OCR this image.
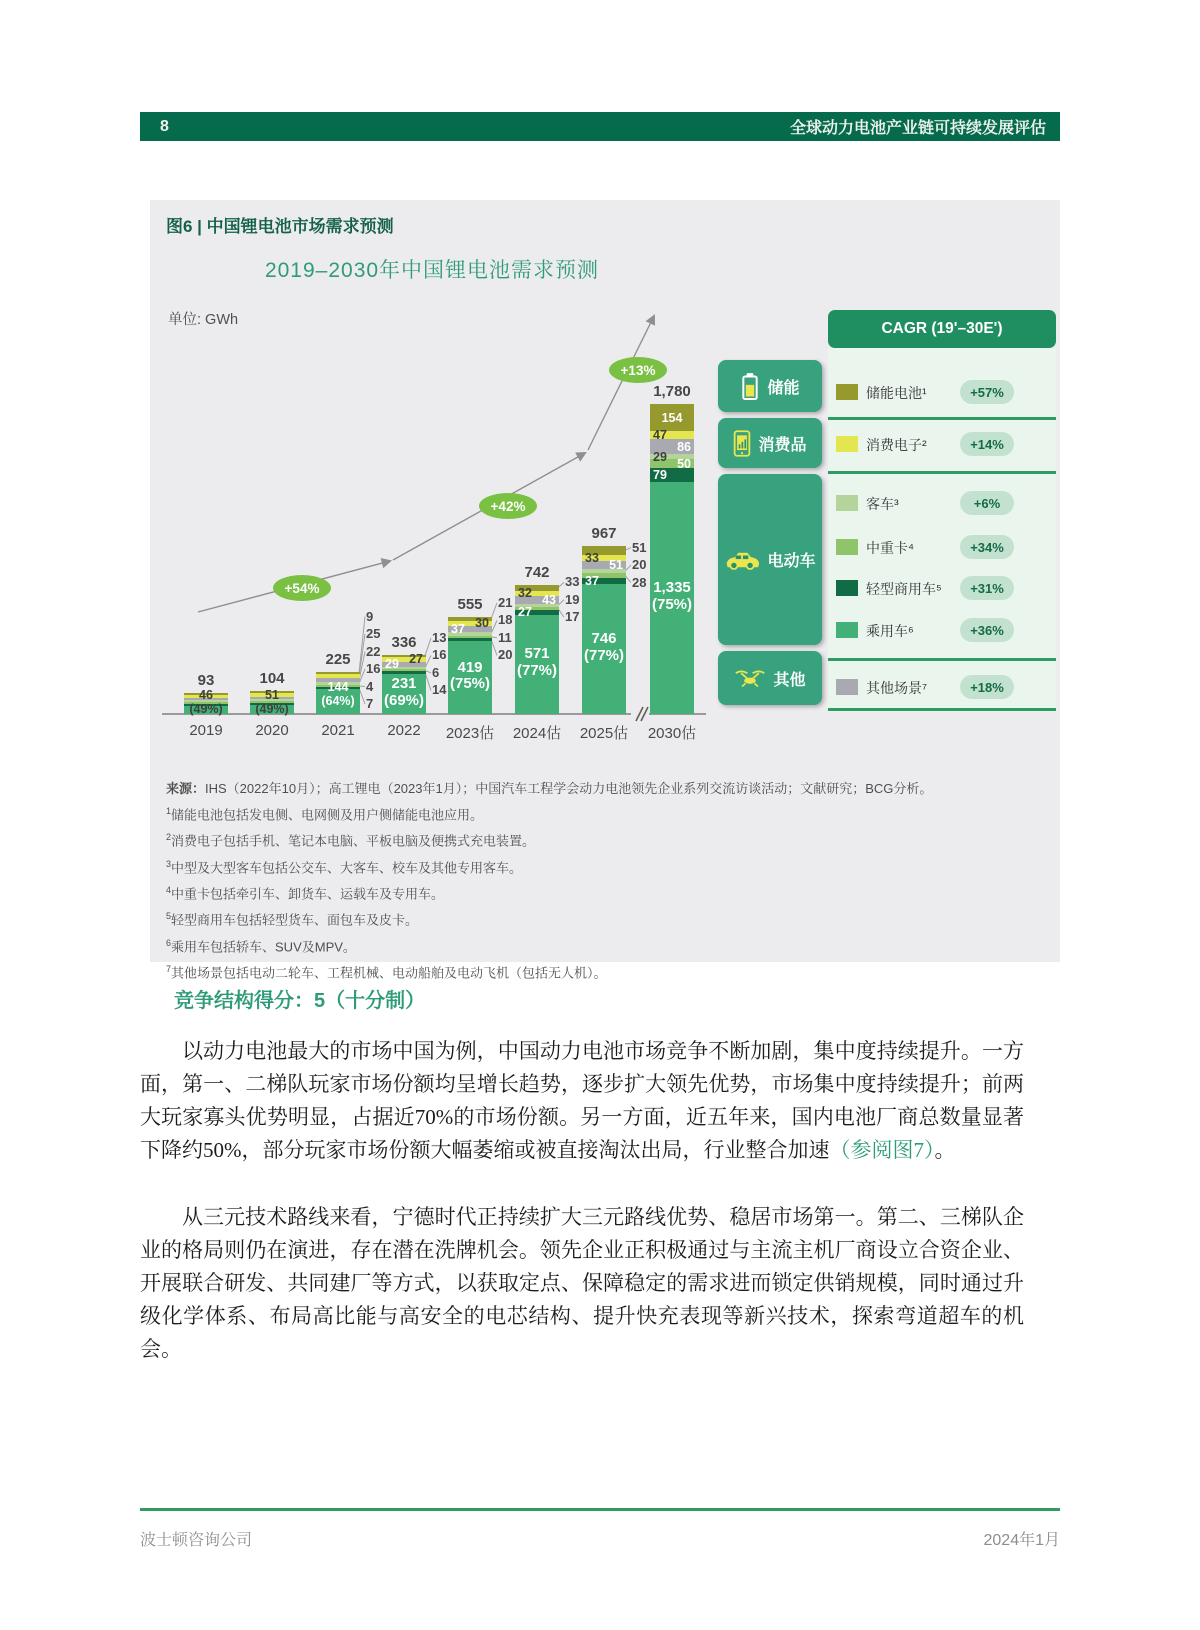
8	全球动力电池产业链可持续发展评估
图6 | 中国锂电池市场需求预测
2019–2030年中国锂电池需求预测
单位: GWh
93
2019
46
(49%)
104
2020
51
(49%)
225
2021
144
(64%)
9
25
22
16
4
7
336
2022
231
(69%)
29 27
13
16
6
14
555
2023估
419
(75%)
37 30
21
18
11
20
742
2024估
571
(77%)
32 43
27
33
19
17
967
2025估
746
(77%)
33
51
37
51
20
28
1,780
2030估
1,335
(75%)
154
47
86
29 50
79
+54%
+42%
+13%
CAGR (19'–30E')
储能电池¹	+57%
消费电子²	+14%
客车³	+6%
中重卡⁴	+34%
轻型商用车⁵	+31%
乘用车⁶	+36%
其他场景⁷	+18%
储能
消费品
电动车
其他
来源：IHS（2022年10月）；高工锂电（2023年1月）；中国汽车工程学会动力电池领先企业系列交流访谈活动；文献研究；BCG分析。
$^1$储能电池包括发电侧、电网侧及用户侧储能电池应用。
$^2$消费电子包括手机、笔记本电脑、平板电脑及便携式充电装置。
$^3$中型及大型客车包括公交车、大客车、校车及其他专用客车。
$^4$中重卡包括牵引车、卸货车、运载车及专用车。
$^5$轻型商用车包括轻型货车、面包车及皮卡。
$^6$乘用车包括轿车、SUV及MPV。
$^7$其他场景包括电动二轮车、工程机械、电动船舶及电动飞机（包括无人机）。
竞争结构得分：5（十分制）

以动力电池最大的市场中国为例，中国动力电池市场竞争不断加剧，集中度持续提升。一方面，第一、二梯队玩家市场份额均呈增长趋势，逐步扩大领先优势，市场集中度持续提升；前两大玩家寡头优势明显，占据近70%的市场份额。另一方面，近五年来，国内电池厂商总数量显著下降约50%，部分玩家市场份额大幅萎缩或被直接淘汰出局，行业整合加速（参阅图7）。

从三元技术路线来看，宁德时代正持续扩大三元路线优势、稳居市场第一。第二、三梯队企业的格局则仍在演进，存在潜在洗牌机会。领先企业正积极通过与主流主机厂商设立合资企业、开展联合研发、共同建厂等方式，以获取定点、保障稳定的需求进而锁定供销规模，同时通过升级化学体系、布局高比能与高安全的电芯结构、提升快充表现等新兴技术，探索弯道超车的机会。

波士顿咨询公司	2024年1月
